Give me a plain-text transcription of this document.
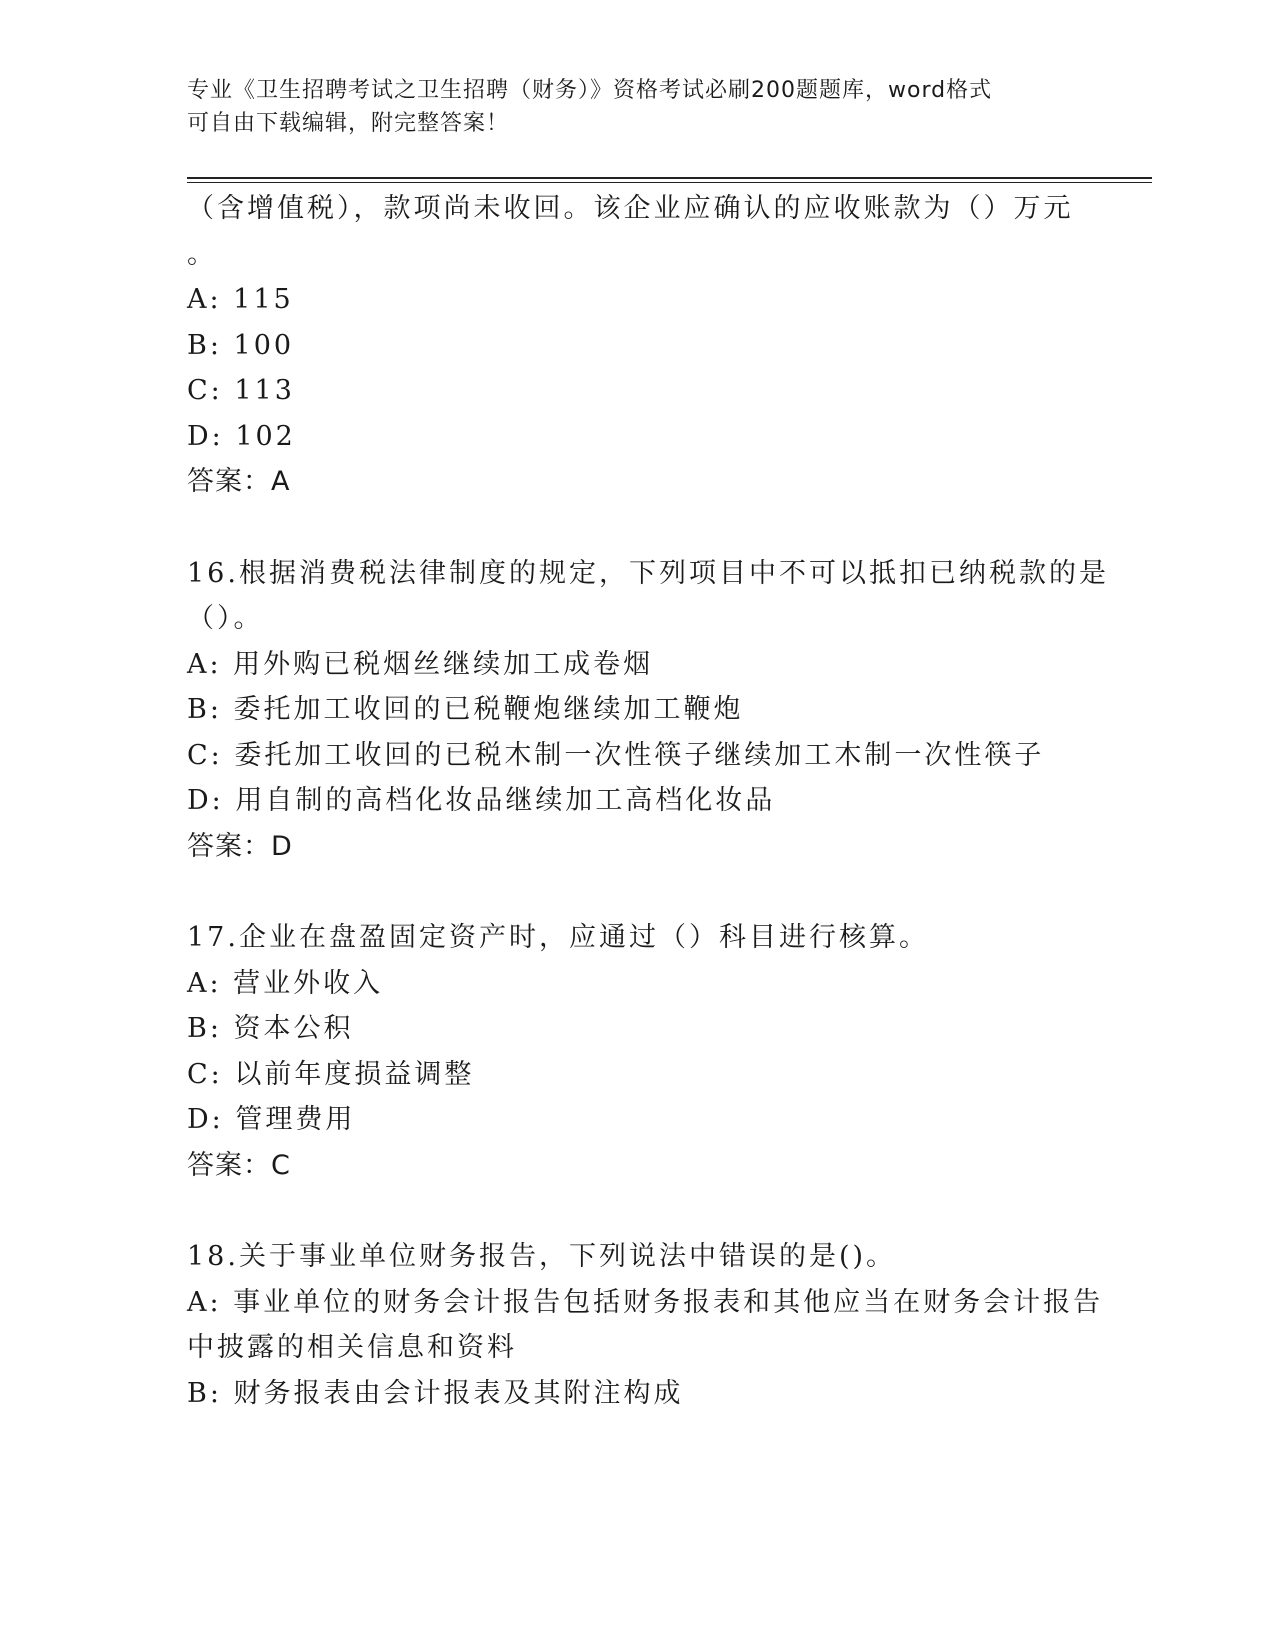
专业《卫生招聘考试之卫生招聘（财务）》资格考试必刷200题题库，word格式
可自由下载编辑，附完整答案！
（含增值税），款项尚未收回。该企业应确认的应收账款为（）万元
。
A: 115
B: 100
C: 113
D: 102
答案：A
16.根据消费税法律制度的规定，下列项目中不可以抵扣已纳税款的是
（）。
A: 用外购已税烟丝继续加工成卷烟
B: 委托加工收回的已税鞭炮继续加工鞭炮
C: 委托加工收回的已税木制一次性筷子继续加工木制一次性筷子
D: 用自制的高档化妆品继续加工高档化妆品
答案：D
17.企业在盘盈固定资产时，应通过（）科目进行核算。
A: 营业外收入
B: 资本公积
C: 以前年度损益调整
D: 管理费用
答案：C
18.关于事业单位财务报告，下列说法中错误的是()。
A: 事业单位的财务会计报告包括财务报表和其他应当在财务会计报告
中披露的相关信息和资料
B: 财务报表由会计报表及其附注构成
